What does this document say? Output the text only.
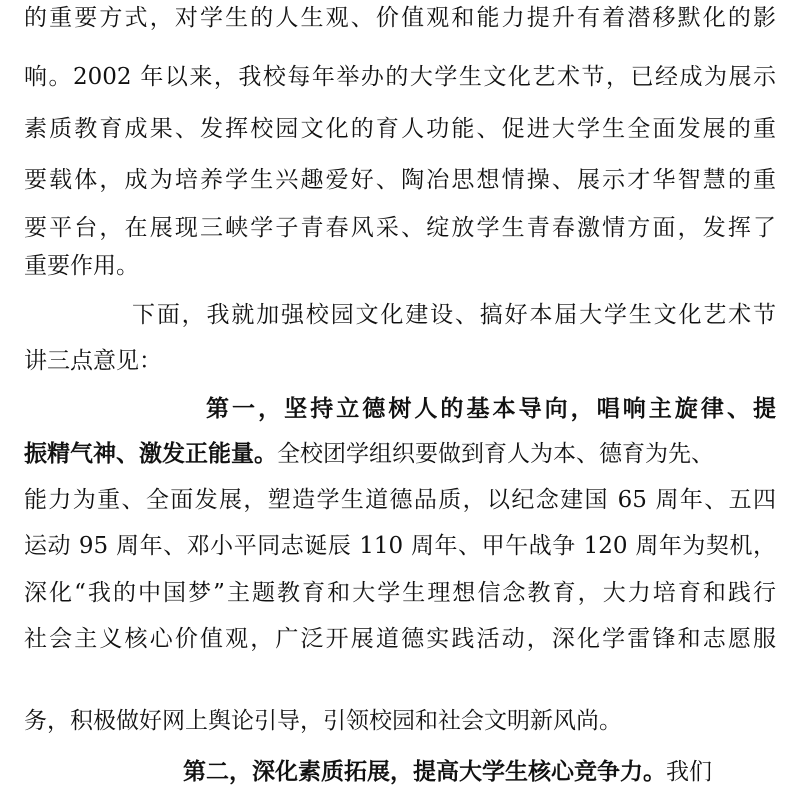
的重要方式，对学生的人生观、价值观和能力提升有着潜移默化的影
响。2002 年以来，我校每年举办的大学生文化艺术节，已经成为展示
素质教育成果、发挥校园文化的育人功能、促进大学生全面发展的重
要载体，成为培养学生兴趣爱好、陶冶思想情操、展示才华智慧的重
要平台，在展现三峡学子青春风采、绽放学生青春激情方面，发挥了
重要作用。
下面，我就加强校园文化建设、搞好本届大学生文化艺术节
讲三点意见：
第一，坚持立德树人的基本导向，唱响主旋律、提
振精气神、激发正能量。全校团学组织要做到育人为本、德育为先、
能力为重、全面发展，塑造学生道德品质，以纪念建国 65 周年、五四
运动 95 周年、邓小平同志诞辰 110 周年、甲午战争 120 周年为契机，
深化“我的中国梦”主题教育和大学生理想信念教育，大力培育和践行
社会主义核心价值观，广泛开展道德实践活动，深化学雷锋和志愿服
务，积极做好网上舆论引导，引领校园和社会文明新风尚。
第二，深化素质拓展，提高大学生核心竞争力。我们
